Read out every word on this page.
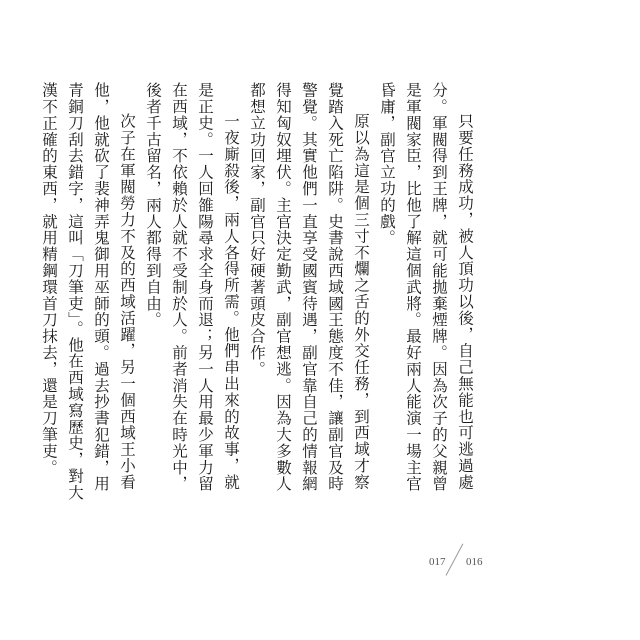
只要任務成功，被人頂功以後，自己無能也可逃過處分。軍閥得到王牌，就可能拋棄煙牌。因為次子的父親曾是軍閥家臣，比他了解這個武將。最好兩人能演一場主官昏庸，副官立功的戲。

原以為這是個三寸不爛之舌的外交任務，到西域才察覺踏入死亡陷阱。史書說西域國王態度不佳，讓副官及時警覺。其實他們一直享受國賓待遇，副官靠自己的情報網得知匈奴埋伏。主官決定勤武，副官想逃。因為大多數人都想立功回家，副官只好硬著頭皮合作。

一夜廝殺後，兩人各得所需。他們串出來的故事，就是正史。一人回雒陽尋求全身而退；另一人用最少軍力留在西域，不依賴於人就不受制於人。前者消失在時光中，後者千古留名，兩人都得到自由。

次子在軍閥勞力不及的西域活躍，另一個西域王小看他，他就砍了裴神弄鬼御用巫師的頭。過去抄書犯錯，用青銅刀刮去錯字，這叫「刀筆吏」。他在西域寫歷史，對大漢不正確的東西，就用精鋼環首刀抹去，還是刀筆吏。

017 016
